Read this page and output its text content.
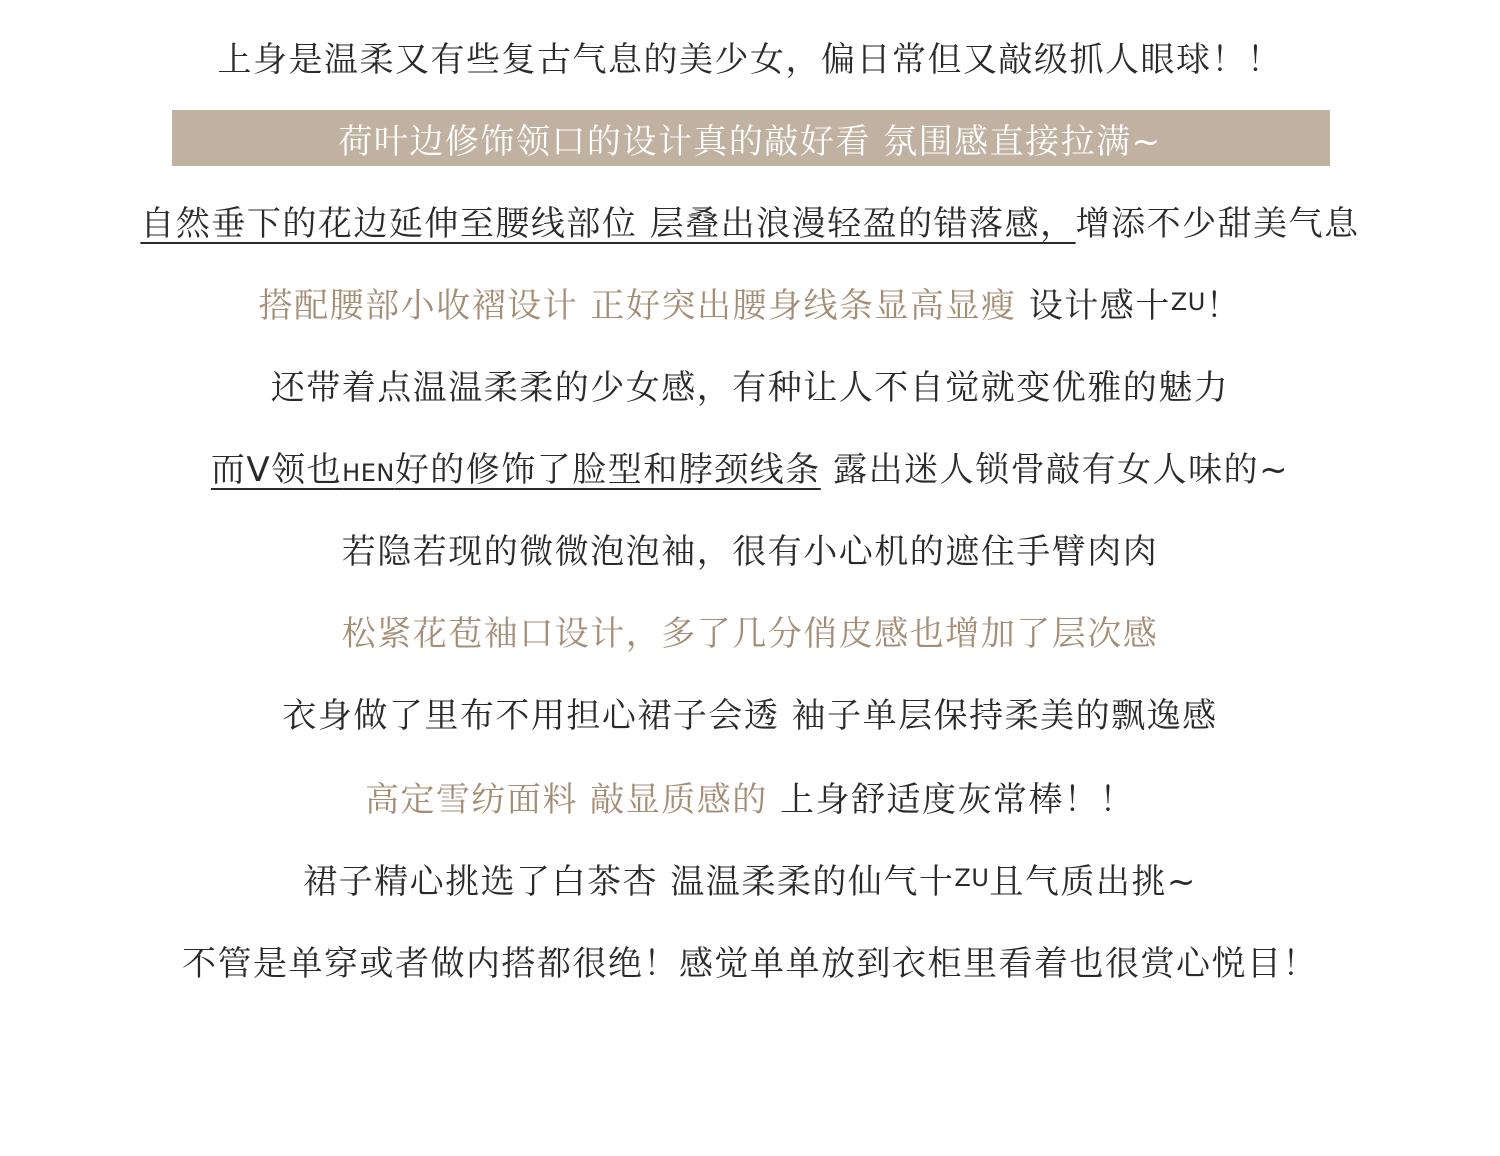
上身是温柔又有些复古气息的美少女，偏日常但又敲级抓人眼球！！
荷叶边修饰领口的设计真的敲好看 氛围感直接拉满~
自然垂下的花边延伸至腰线部位 层叠出浪漫轻盈的错落感， 增添不少甜美气息
搭配腰部小收褶设计 正好突出腰身线条显高显瘦 设计感十 ZU ！
还带着点温温柔柔的少女感，有种让人不自觉就变优雅的魅力
而V领也HEN好的修饰了脸型和脖颈线条 露出迷人锁骨敲有女人味的~
若隐若现的微微泡泡袖，很有小心机的遮住手臂肉肉
松紧花苞袖口设计，多了几分俏皮感也增加了层次感
衣身做了里布不用担心裙子会透 袖子单层保持柔美的飘逸感
高定雪纺面料 敲显质感的 上身舒适度灰常棒！！
裙子精心挑选了白茶杏 温温柔柔的仙气十 ZU 且气质出挑~
不管是单穿或者做内搭都很绝！感觉单单放到衣柜里看着也很赏心悦目！
